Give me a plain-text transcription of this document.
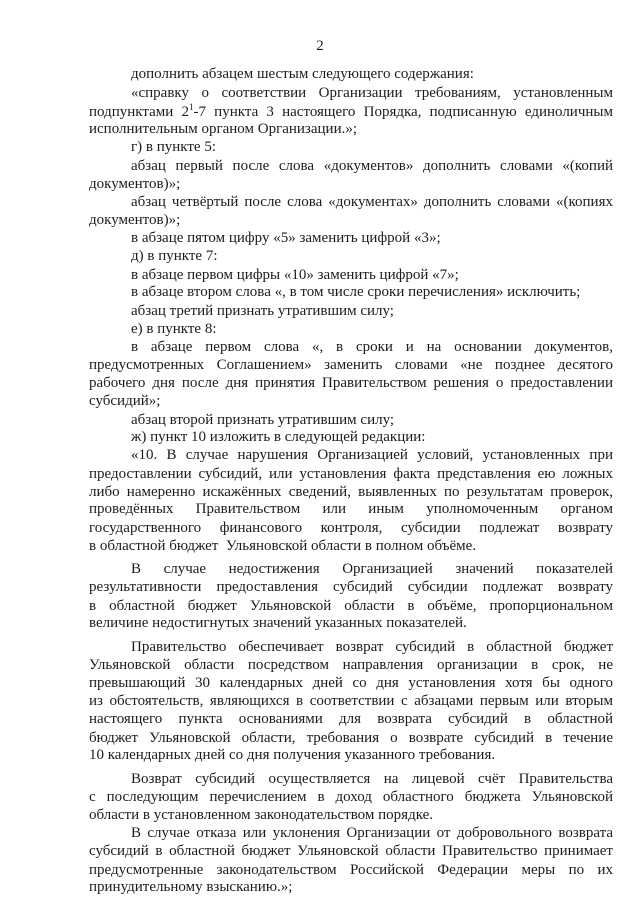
2
дополнить абзацем шестым следующего содержания:
«справку о соответствии Организации требованиям, установленным
подпунктами $2^1-7$ пункта 3 настоящего Порядка, подписанную единоличным
исполнительным органом Организации.»;
г) в пункте 5:
абзац первый после слова «документов» дополнить словами «(копий
документов)»;
абзац четвёртый после слова «документах» дополнить словами «(копиях
документов)»;
в абзаце пятом цифру «5» заменить цифрой «3»;
д) в пункте 7:
в абзаце первом цифры «10» заменить цифрой «7»;
в абзаце втором слова «, в том числе сроки перечисления» исключить;
абзац третий признать утратившим силу;
е) в пункте 8:
в абзаце первом слова «, в сроки и на основании документов,
предусмотренных Соглашением» заменить словами «не позднее десятого
рабочего дня после дня принятия Правительством решения о предоставлении
субсидий»;
абзац второй признать утратившим силу;
ж) пункт 10 изложить в следующей редакции:
«10. В случае нарушения Организацией условий, установленных при
предоставлении субсидий, или установления факта представления ею ложных
либо намеренно искажённых сведений, выявленных по результатам проверок,
проведённых Правительством или иным уполномоченным органом
государственного финансового контроля, субсидии подлежат возврату
в областной бюджет  Ульяновской области в полном объёме.
В случае недостижения Организацией значений показателей
результативности предоставления субсидий субсидии подлежат возврату
в областной бюджет Ульяновской области в объёме, пропорциональном
величине недостигнутых значений указанных показателей.
Правительство обеспечивает возврат субсидий в областной бюджет
Ульяновской области посредством направления организации в срок, не
превышающий 30 календарных дней со дня установления хотя бы одного
из обстоятельств, являющихся в соответствии с абзацами первым или вторым
настоящего пункта основаниями для возврата субсидий в областной
бюджет Ульяновской области, требования о возврате субсидий в течение
10 календарных дней со дня получения указанного требования.
Возврат субсидий осуществляется на лицевой счёт Правительства
с последующим перечислением в доход областного бюджета Ульяновской
области в установленном законодательством порядке.
В случае отказа или уклонения Организации от добровольного возврата
субсидий в областной бюджет Ульяновской области Правительство принимает
предусмотренные законодательством Российской Федерации меры по их
принудительному взысканию.»;
